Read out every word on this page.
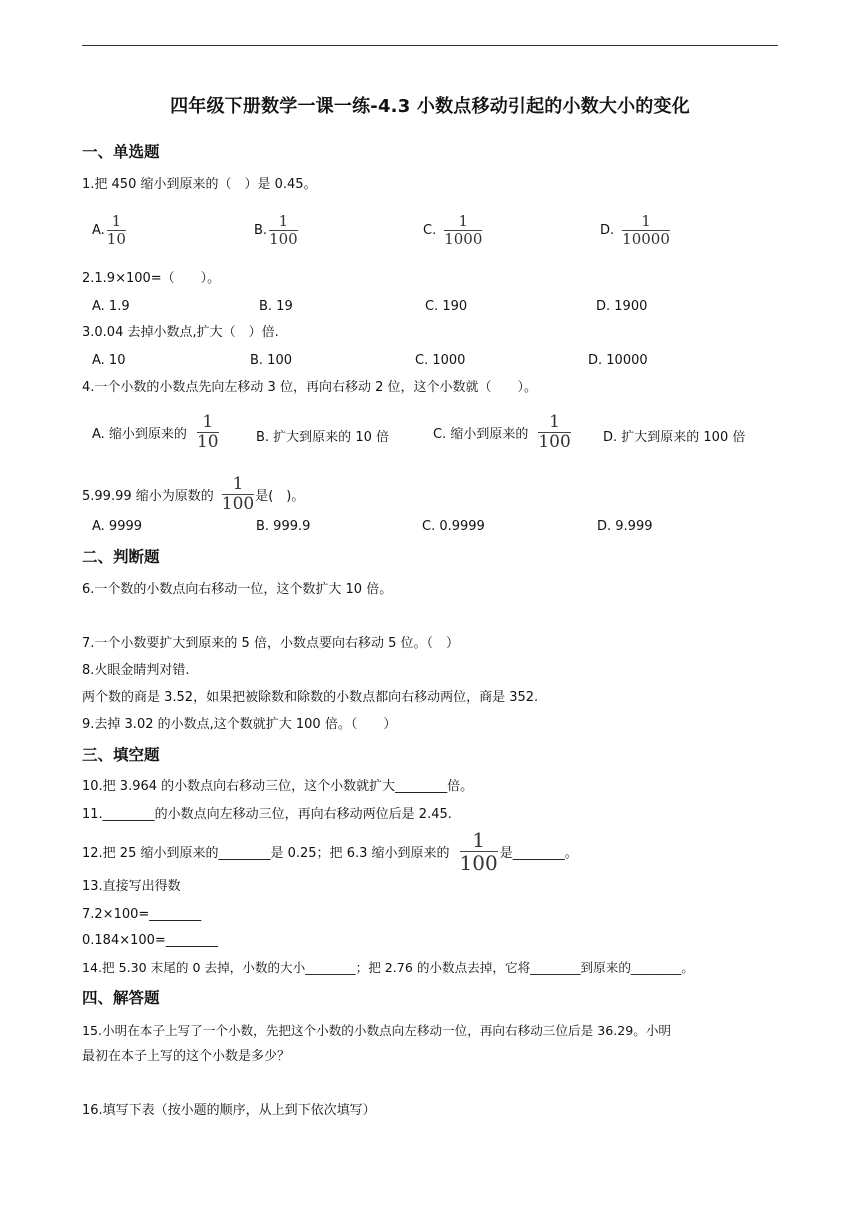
四年级下册数学一课一练-4.3 小数点移动引起的小数大小的变化
一、单选题
1.把 450 缩小到原来的（　）是 0.45。
A. $\frac{1}{10}$	B. $\frac{1}{100}$	C. $\frac{1}{1000}$	D. $\frac{1}{10000}$
2.1.9×100=（　　）。
A. 1.9	B. 19	C. 190	D. 1900
3.0.04 去掉小数点,扩大（　）倍.
A. 10	B. 100	C. 1000	D. 10000
4.一个小数的小数点先向左移动 3 位，再向右移动 2 位，这个小数就（　　）。
A. 缩小到原来的 $\frac{1}{10}$	B. 扩大到原来的 10 倍	C. 缩小到原来的 $\frac{1}{100} D$. 扩大到原来的 100 倍
5.99.99 缩小为原数的 $\frac{1}{100}$ 是(　)。
A. 9999	B. 999.9	C. 0.9999	D. 9.999
二、判断题
6.一个数的小数点向右移动一位，这个数扩大 10 倍。
7.一个小数要扩大到原来的 5 倍，小数点要向右移动 5 位。（　）
8.火眼金睛判对错.
两个数的商是 3.52，如果把被除数和除数的小数点都向右移动两位，商是 352.
9.去掉 3.02 的小数点,这个数就扩大 100 倍。（　　）
三、填空题
10.把 3.964 的小数点向右移动三位，这个小数就扩大________倍。
11.________的小数点向左移动三位，再向右移动两位后是 2.45.
12.把 25 缩小到原来的________是 0.25；把 6.3 缩小到原来的 $\frac{1}{100}$ 是________。
13.直接写出得数
7.2×100=________
0.184×100=________
14.把 5.30 末尾的 0 去掉，小数的大小________；把 2.76 的小数点去掉，它将________到原来的________。
四、解答题
15.小明在本子上写了一个小数，先把这个小数的小数点向左移动一位，再向右移动三位后是 36.29。小明
最初在本子上写的这个小数是多少？
16.填写下表（按小题的顺序，从上到下依次填写）
